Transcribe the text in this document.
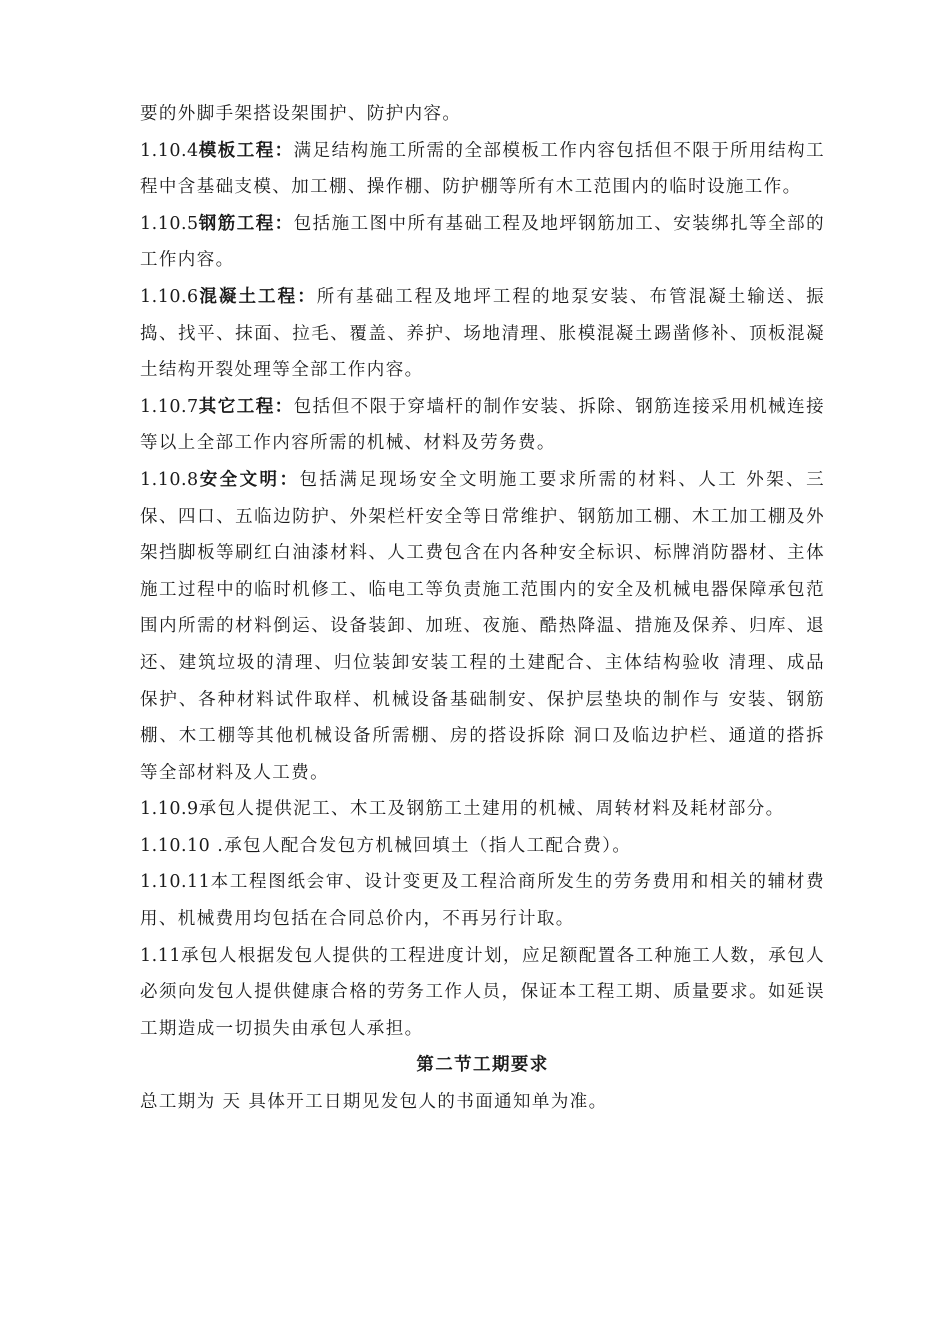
要的外脚手架搭设架围护、防护内容。

1.10.4模板工程：满足结构施工所需的全部模板工作内容包括但不限于所用结构工程中含基础支模、加工棚、操作棚、防护棚等所有木工范围内的临时设施工作。

1.10.5钢筋工程：包括施工图中所有基础工程及地坪钢筋加工、安装绑扎等全部的工作内容。

1.10.6混凝土工程：所有基础工程及地坪工程的地泵安装、布管混凝土输送、振捣、找平、抹面、拉毛、覆盖、养护、场地清理、胀模混凝土踢凿修补、顶板混凝土结构开裂处理等全部工作内容。

1.10.7其它工程：包括但不限于穿墙杆的制作安装、拆除、钢筋连接采用机械连接等以上全部工作内容所需的机械、材料及劳务费。

1.10.8安全文明：包括满足现场安全文明施工要求所需的材料、人工 外架、三保、四口、五临边防护、外架栏杆安全等日常维护、钢筋加工棚、木工加工棚及外架挡脚板等刷红白油漆材料、人工费包含在内各种安全标识、标牌消防器材、主体施工过程中的临时机修工、临电工等负责施工范围内的安全及机械电器保障承包范围内所需的材料倒运、设备装卸、加班、夜施、酷热降温、措施及保养、归库、退还、建筑垃圾的清理、归位装卸安装工程的土建配合、主体结构验收 清理、成品保护、各种材料试件取样、机械设备基础制安、保护层垫块的制作与 安装、钢筋棚、木工棚等其他机械设备所需棚、房的搭设拆除 洞口及临边护栏、通道的搭拆等全部材料及人工费。

1.10.9承包人提供泥工、木工及钢筋工土建用的机械、周转材料及耗材部分。

1.10.10 .承包人配合发包方机械回填土（指人工配合费）。

1.10.11本工程图纸会审、设计变更及工程洽商所发生的劳务费用和相关的辅材费用、机械费用均包括在合同总价内，不再另行计取。

1.11承包人根据发包人提供的工程进度计划，应足额配置各工种施工人数，承包人必须向发包人提供健康合格的劳务工作人员，保证本工程工期、质量要求。如延误工期造成一切损失由承包人承担。

第二节工期要求

总工期为 天 具体开工日期见发包人的书面通知单为准。
